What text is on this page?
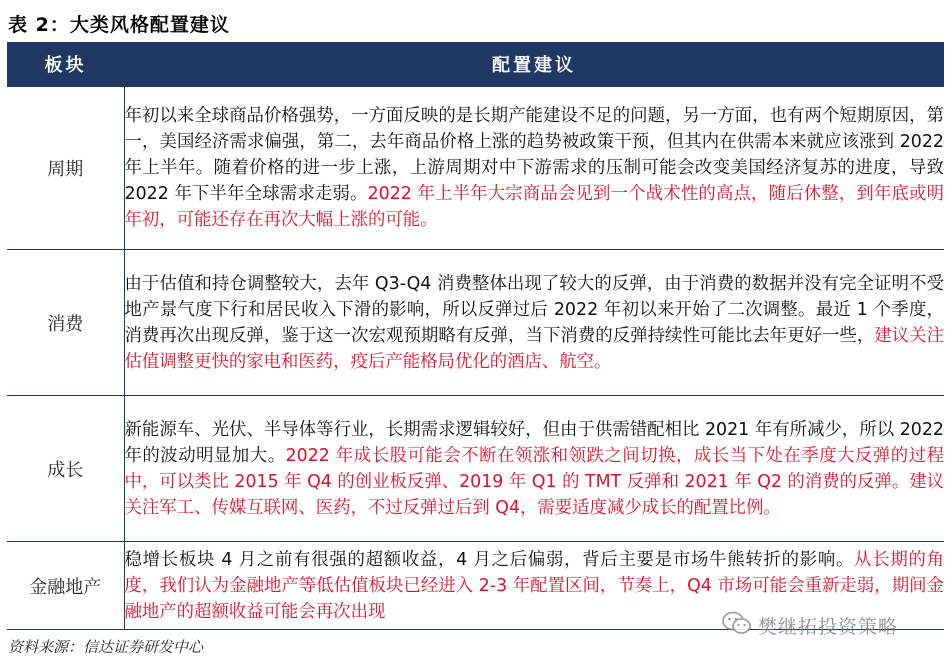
表 2：大类风格配置建议
板块	配置建议
周期	年初以来全球商品价格强势，一方面反映的是长期产能建设不足的问题，另一方面，也有两个短期原因，第一，美国经济需求偏强，第二，去年商品价格上涨的趋势被政策干预，但其内在供需本来就应该涨到 2022 年上半年。随着价格的进一步上涨，上游周期对中下游需求的压制可能会改变美国经济复苏的进度，导致 2022 年下半年全球需求走弱。2022 年上半年大宗商品会见到一个战术性的高点，随后休整，到年底或明年初，可能还存在再次大幅上涨的可能。
消费	由于估值和持仓调整较大，去年 Q3-Q4 消费整体出现了较大的反弹，由于消费的数据并没有完全证明不受地产景气度下行和居民收入下滑的影响，所以反弹过后 2022 年初以来开始了二次调整。最近 1 个季度，消费再次出现反弹，鉴于这一次宏观预期略有反弹，当下消费的反弹持续性可能比去年更好一些，建议关注估值调整更快的家电和医药，疫后产能格局优化的酒店、航空。
成长	新能源车、光伏、半导体等行业，长期需求逻辑较好，但由于供需错配相比 2021 年有所减少，所以 2022 年的波动明显加大。2022 年成长股可能会不断在领涨和领跌之间切换，成长当下处在季度大反弹的过程中，可以类比 2015 年 Q4 的创业板反弹、2019 年 Q1 的 TMT 反弹和 2021 年 Q2 的消费的反弹。建议关注军工、传媒互联网、医药，不过反弹过后到 Q4，需要适度减少成长的配置比例。
金融地产	稳增长板块 4 月之前有很强的超额收益，4 月之后偏弱，背后主要是市场牛熊转折的影响。从长期的角度，我们认为金融地产等低估值板块已经进入 2-3 年配置区间，节奏上，Q4 市场可能会重新走弱，期间金融地产的超额收益可能会再次出现
资料来源：信达证券研发中心
樊继拓投资策略
